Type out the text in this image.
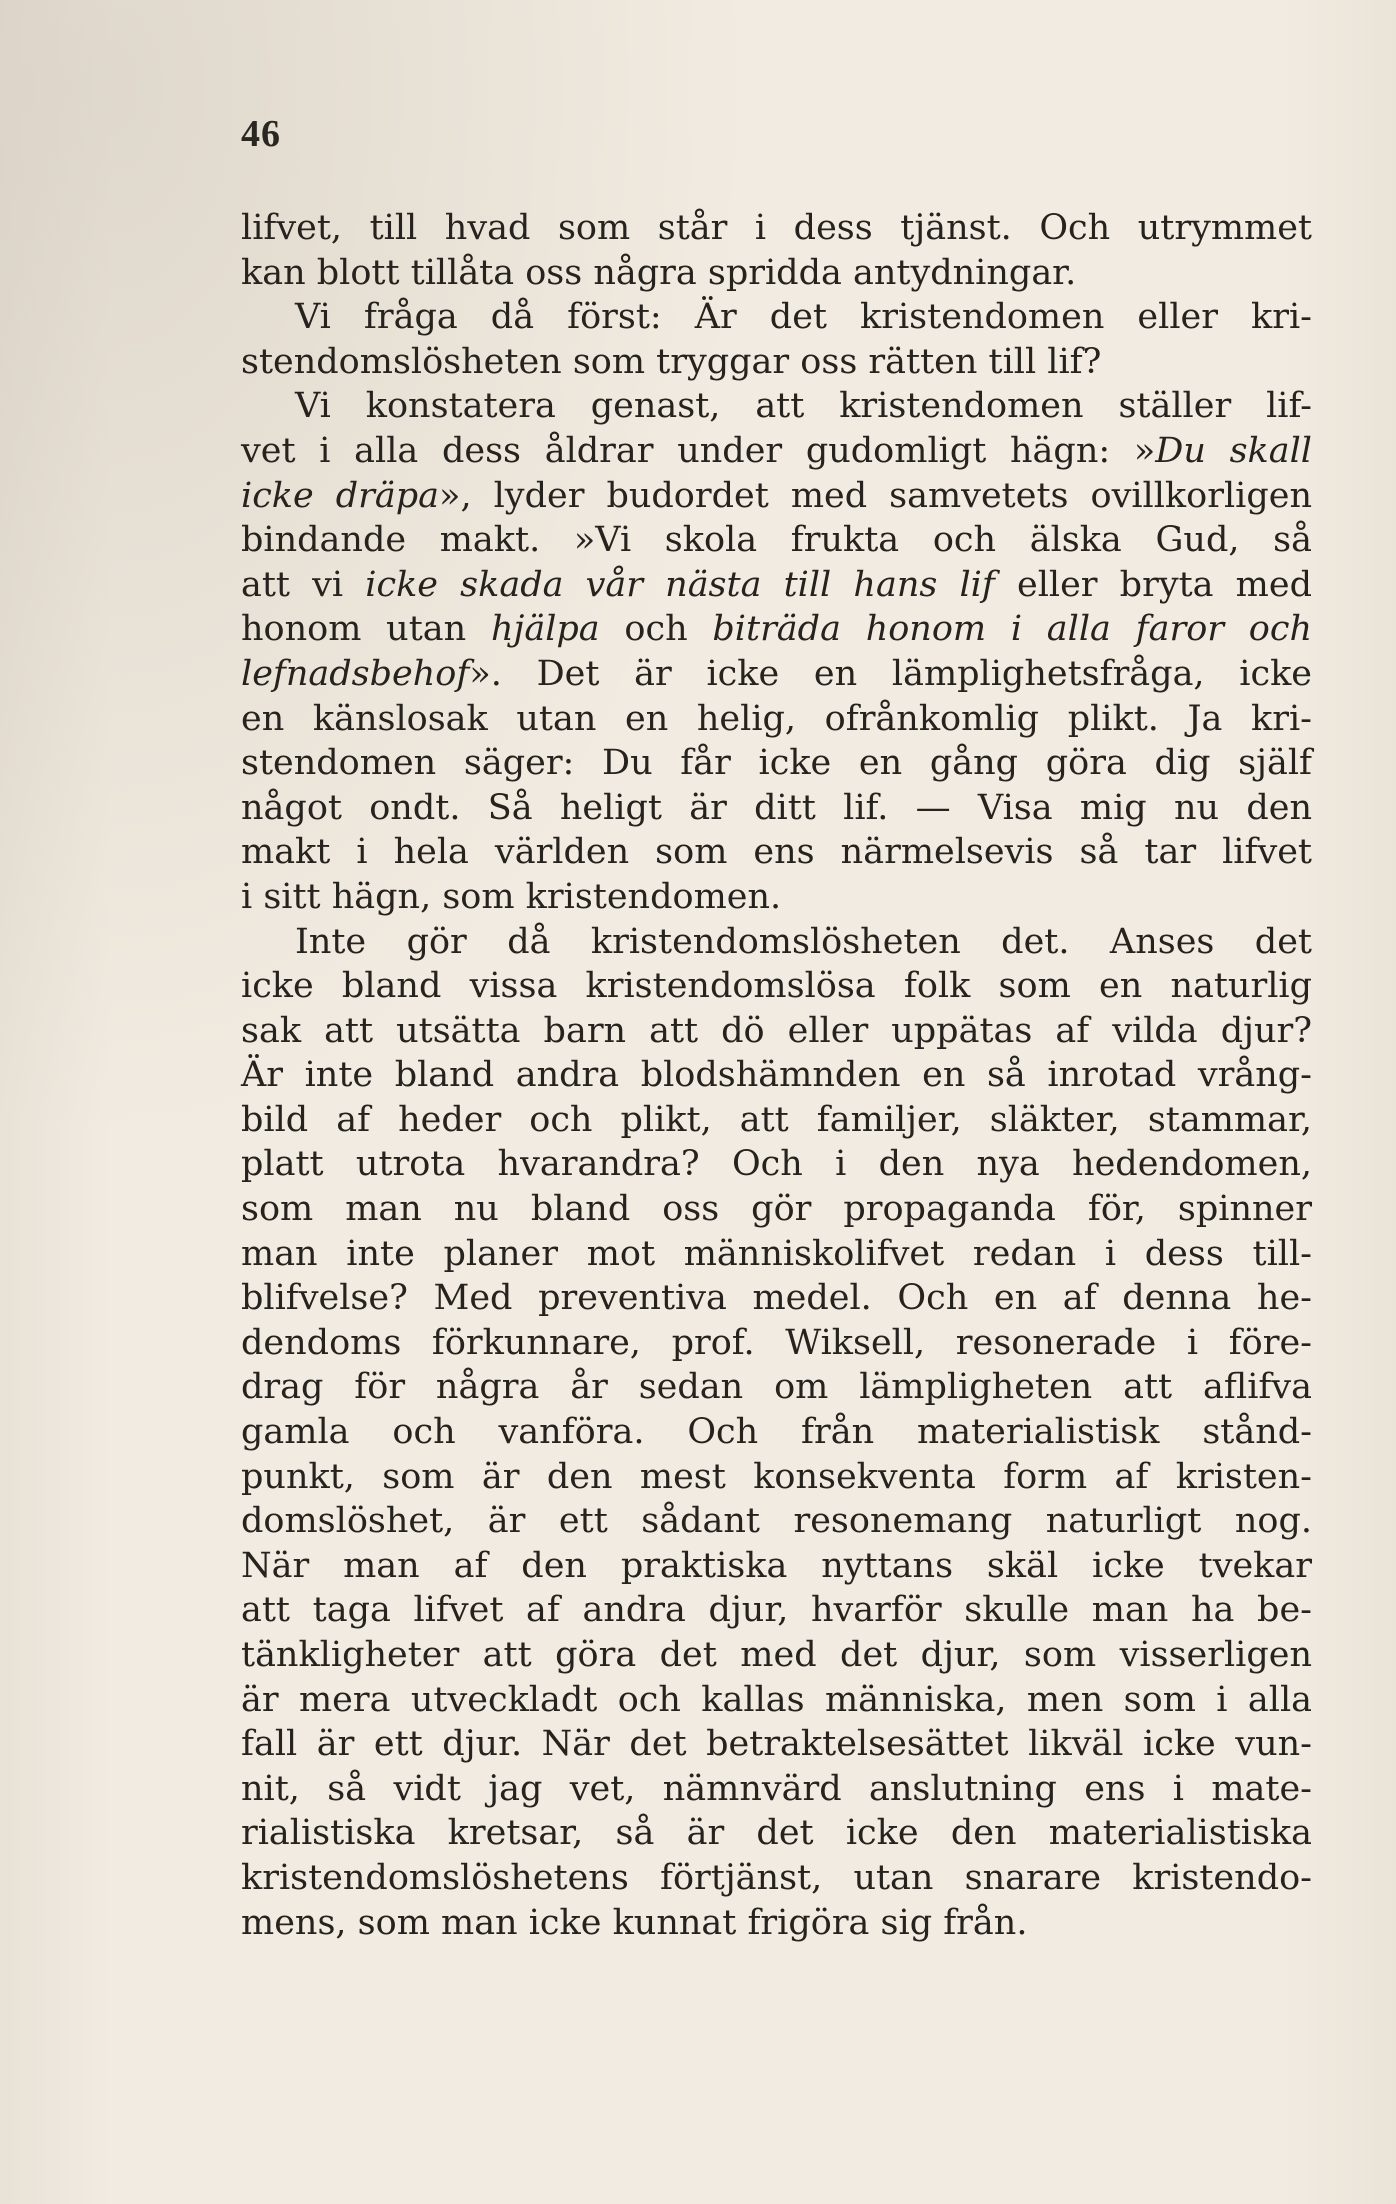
46
lifvet, till hvad som står i dess tjänst. Och utrymmet
kan blott tillåta oss några spridda antydningar.
Vi fråga då först: Är det kristendomen eller kri-
stendomslösheten som tryggar oss rätten till lif?
Vi konstatera genast, att kristendomen ställer lif-
vet i alla dess åldrar under gudomligt hägn: »Du skall
icke dräpa», lyder budordet med samvetets ovillkorligen
bindande makt. »Vi skola frukta och älska Gud, så
att vi icke skada vår nästa till hans lif eller bryta med
honom utan hjälpa och biträda honom i alla faror och
lefnadsbehof». Det är icke en lämplighetsfråga, icke
en känslosak utan en helig, ofrånkomlig plikt. Ja kri-
stendomen säger: Du får icke en gång göra dig själf
något ondt. Så heligt är ditt lif. — Visa mig nu den
makt i hela världen som ens närmelsevis så tar lifvet
i sitt hägn, som kristendomen.
Inte gör då kristendomslösheten det. Anses det
icke bland vissa kristendomslösa folk som en naturlig
sak att utsätta barn att dö eller uppätas af vilda djur?
Är inte bland andra blodshämnden en så inrotad vrång-
bild af heder och plikt, att familjer, släkter, stammar,
platt utrota hvarandra? Och i den nya hedendomen,
som man nu bland oss gör propaganda för, spinner
man inte planer mot människolifvet redan i dess till-
blifvelse? Med preventiva medel. Och en af denna he-
dendoms förkunnare, prof. Wiksell, resonerade i före-
drag för några år sedan om lämpligheten att aflifva
gamla och vanföra. Och från materialistisk stånd-
punkt, som är den mest konsekventa form af kristen-
domslöshet, är ett sådant resonemang naturligt nog.
När man af den praktiska nyttans skäl icke tvekar
att taga lifvet af andra djur, hvarför skulle man ha be-
tänkligheter att göra det med det djur, som visserligen
är mera utveckladt och kallas människa, men som i alla
fall är ett djur. När det betraktelsesättet likväl icke vun-
nit, så vidt jag vet, nämnvärd anslutning ens i mate-
rialistiska kretsar, så är det icke den materialistiska
kristendomslöshetens förtjänst, utan snarare kristendo-
mens, som man icke kunnat frigöra sig från.
